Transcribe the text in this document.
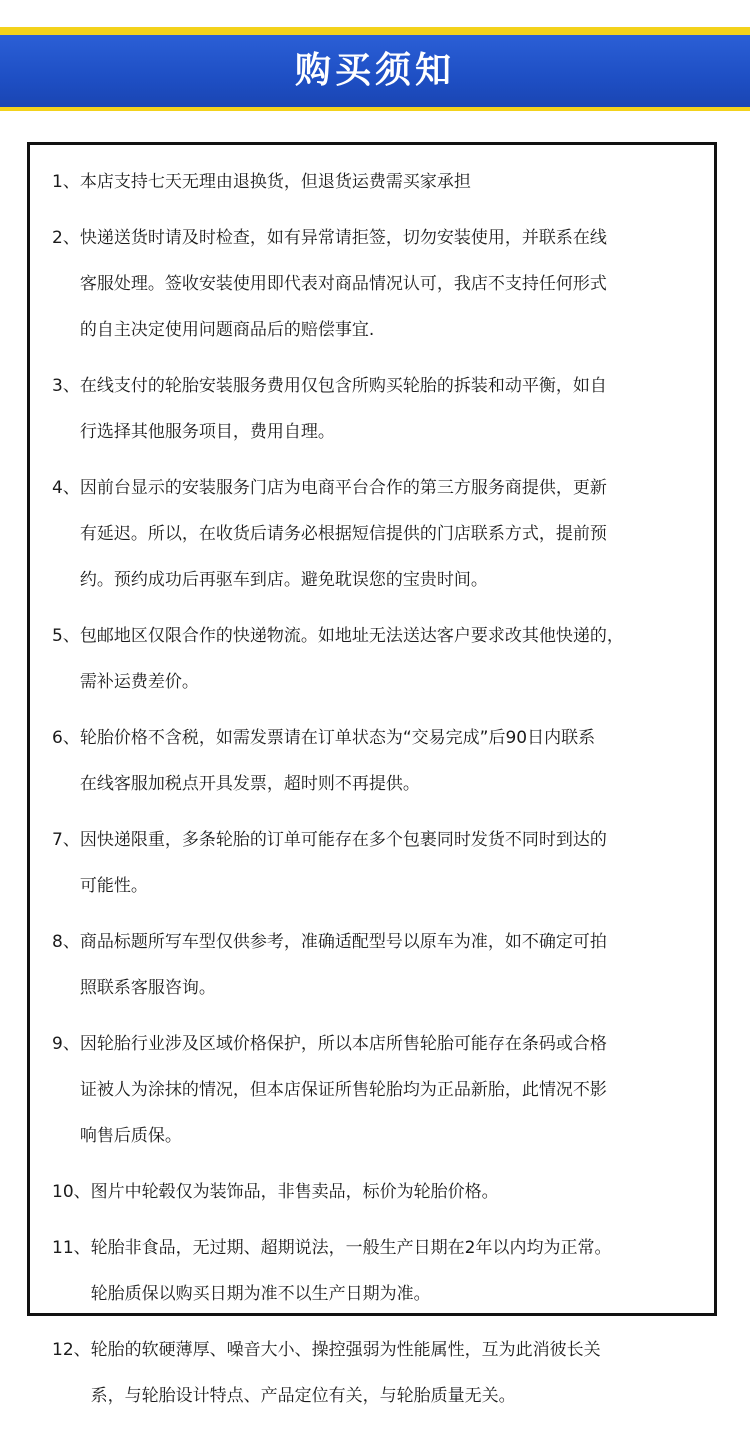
购买须知
1、 本店支持七天无理由退换货，但退货运费需买家承担
2、 快递送货时请及时检查，如有异常请拒签，切勿安装使用，并联系在线
客服处理。签收安装使用即代表对商品情况认可，我店不支持任何形式
的自主决定使用问题商品后的赔偿事宜.
3、 在线支付的轮胎安装服务费用仅包含所购买轮胎的拆装和动平衡，如自
行选择其他服务项目，费用自理。
4、 因前台显示的安装服务门店为电商平台合作的第三方服务商提供，更新
有延迟。所以，在收货后请务必根据短信提供的门店联系方式，提前预
约。预约成功后再驱车到店。避免耽误您的宝贵时间。
5、 包邮地区仅限合作的快递物流。如地址无法送达客户要求改其他快递的，
需补运费差价。
6、 轮胎价格不含税，如需发票请在订单状态为“交易完成”后90日内联系
在线客服加税点开具发票，超时则不再提供。
7、 因快递限重，多条轮胎的订单可能存在多个包裹同时发货不同时到达的
可能性。
8、 商品标题所写车型仅供参考，准确适配型号以原车为准，如不确定可拍
照联系客服咨询。
9、 因轮胎行业涉及区域价格保护，所以本店所售轮胎可能存在条码或合格
证被人为涂抹的情况，但本店保证所售轮胎均为正品新胎，此情况不影
响售后质保。
10、 图片中轮毂仅为装饰品，非售卖品，标价为轮胎价格。
11、 轮胎非食品，无过期、超期说法，一般生产日期在2年以内均为正常。
轮胎质保以购买日期为准不以生产日期为准。
12、 轮胎的软硬薄厚、噪音大小、操控强弱为性能属性，互为此消彼长关
系，与轮胎设计特点、产品定位有关，与轮胎质量无关。
